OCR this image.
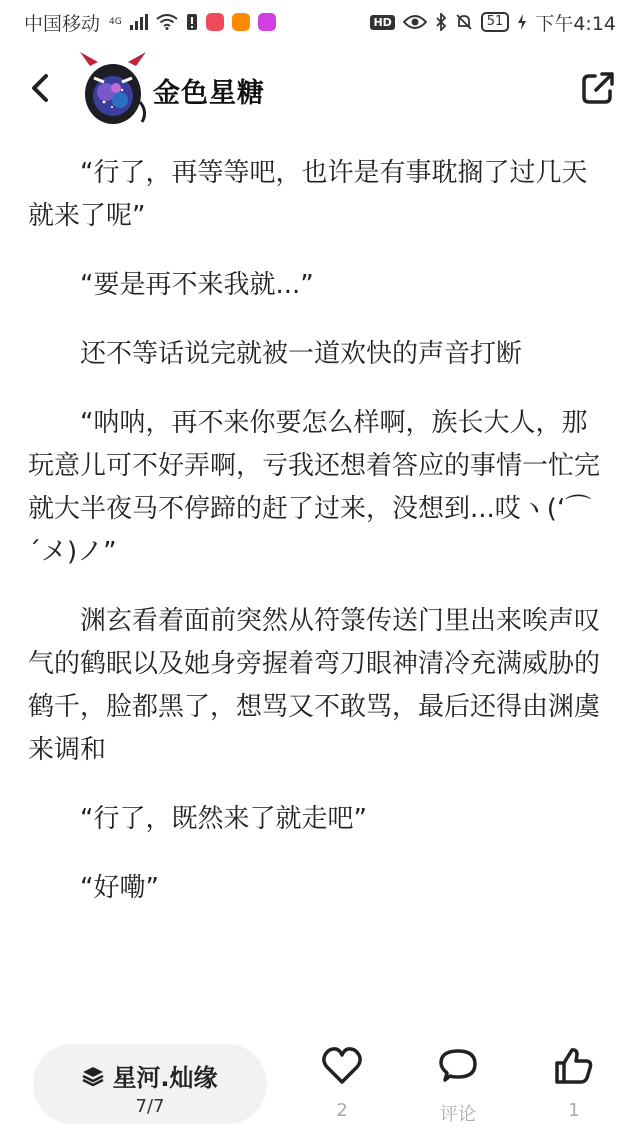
中国移动 4G	HD	51	下午4:14
金色星糖

“行了，再等等吧，也许是有事耽搁了过几天就来了呢”

“要是再不来我就...”

还不等话说完就被一道欢快的声音打断

“呐呐，再不来你要怎么样啊，族长大人，那玩意儿可不好弄啊，亏我还想着答应的事情一忙完就大半夜马不停蹄的赶了过来，没想到...哎ヽ(‘⌒´メ)ノ”

渊玄看着面前突然从符箓传送门里出来唉声叹气的鹤眠以及她身旁握着弯刀眼神清冷充满威胁的鹤千，脸都黑了，想骂又不敢骂，最后还得由渊虞来调和

“行了，既然来了就走吧”

“好嘞”

星河.灿缘
7/7	2	评论	1
